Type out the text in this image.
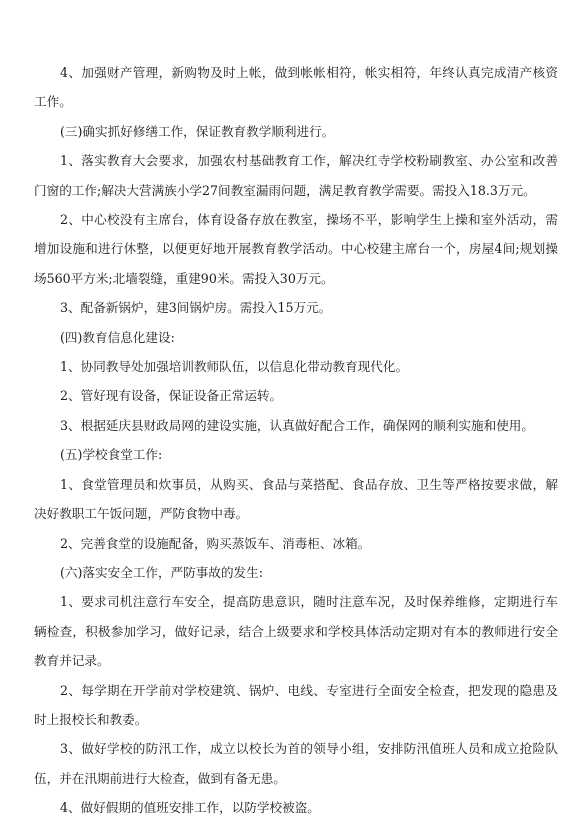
4、加强财产管理，新购物及时上帐，做到帐帐相符，帐实相符，年终认真完成清产核资工作。

(三)确实抓好修缮工作，保证教育教学顺利进行。

1、落实教育大会要求，加强农村基础教育工作，解决红寺学校粉刷教室、办公室和改善门窗的工作;解决大营满族小学27间教室漏雨问题，满足教育教学需要。需投入18.3万元。

2、中心校没有主席台，体育设备存放在教室，操场不平，影响学生上操和室外活动，需增加设施和进行休整，以便更好地开展教育教学活动。中心校建主席台一个，房屋4间;规划操场560平方米;北墙裂缝，重建90米。需投入30万元。

3、配备新锅炉，建3间锅炉房。需投入15万元。

(四)教育信息化建设:

1、协同教导处加强培训教师队伍，以信息化带动教育现代化。

2、管好现有设备，保证设备正常运转。

3、根据延庆县财政局网的建设实施，认真做好配合工作，确保网的顺利实施和使用。

(五)学校食堂工作:

1、食堂管理员和炊事员，从购买、食品与菜搭配、食品存放、卫生等严格按要求做，解决好教职工午饭问题，严防食物中毒。

2、完善食堂的设施配备，购买蒸饭车、消毒柜、冰箱。

(六)落实安全工作，严防事故的发生:

1、要求司机注意行车安全，提高防患意识，随时注意车况，及时保养维修，定期进行车辆检查，积极参加学习，做好记录，结合上级要求和学校具体活动定期对有本的教师进行安全教育并记录。

2、每学期在开学前对学校建筑、锅炉、电线、专室进行全面安全检查，把发现的隐患及时上报校长和教委。

3、做好学校的防汛工作，成立以校长为首的领导小组，安排防汛值班人员和成立抢险队伍，并在汛期前进行大检查，做到有备无患。

4、做好假期的值班安排工作，以防学校被盗。
